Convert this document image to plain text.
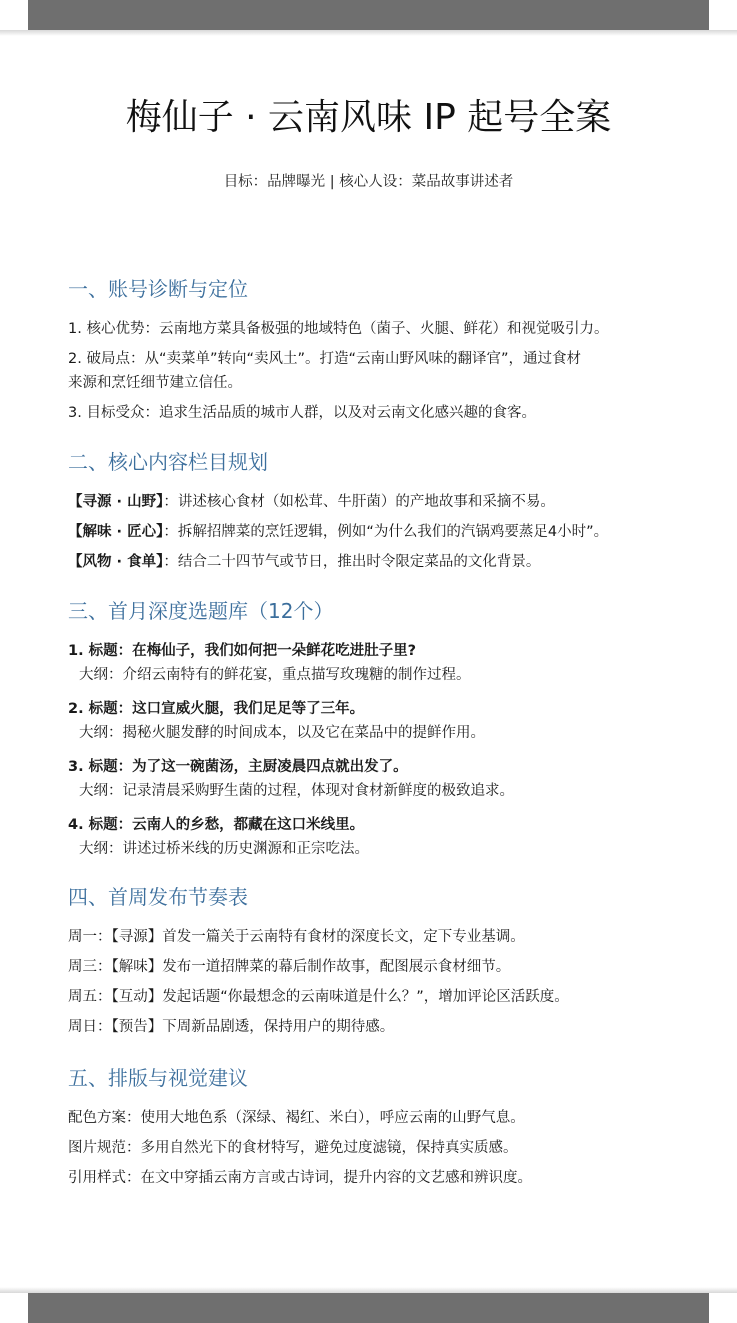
梅仙子 · 云南风味 IP 起号全案
目标：品牌曝光 | 核心人设：菜品故事讲述者
一、账号诊断与定位
1. 核心优势：云南地方菜具备极强的地域特色（菌子、火腿、鲜花）和视觉吸引力。
2. 破局点：从“卖菜单”转向“卖风土”。打造“云南山野风味的翻译官”，通过食材
来源和烹饪细节建立信任。
3. 目标受众：追求生活品质的城市人群，以及对云南文化感兴趣的食客。
二、核心内容栏目规划
【寻源 · 山野】：讲述核心食材（如松茸、牛肝菌）的产地故事和采摘不易。
【解味 · 匠心】：拆解招牌菜的烹饪逻辑，例如“为什么我们的汽锅鸡要蒸足4小时”。
【风物 · 食单】：结合二十四节气或节日，推出时令限定菜品的文化背景。
三、首月深度选题库（12个）
1. 标题：在梅仙子，我们如何把一朵鲜花吃进肚子里?
大纲：介绍云南特有的鲜花宴，重点描写玫瑰糖的制作过程。
2. 标题：这口宣威火腿，我们足足等了三年。
大纲：揭秘火腿发酵的时间成本，以及它在菜品中的提鲜作用。
3. 标题：为了这一碗菌汤，主厨凌晨四点就出发了。
大纲：记录清晨采购野生菌的过程，体现对食材新鲜度的极致追求。
4. 标题：云南人的乡愁，都藏在这口米线里。
大纲：讲述过桥米线的历史渊源和正宗吃法。
四、首周发布节奏表
周一：【寻源】首发一篇关于云南特有食材的深度长文，定下专业基调。
周三：【解味】发布一道招牌菜的幕后制作故事，配图展示食材细节。
周五：【互动】发起话题“你最想念的云南味道是什么？”，增加评论区活跃度。
周日：【预告】下周新品剧透，保持用户的期待感。
五、排版与视觉建议
配色方案：使用大地色系（深绿、褐红、米白），呼应云南的山野气息。
图片规范：多用自然光下的食材特写，避免过度滤镜，保持真实质感。
引用样式：在文中穿插云南方言或古诗词，提升内容的文艺感和辨识度。
